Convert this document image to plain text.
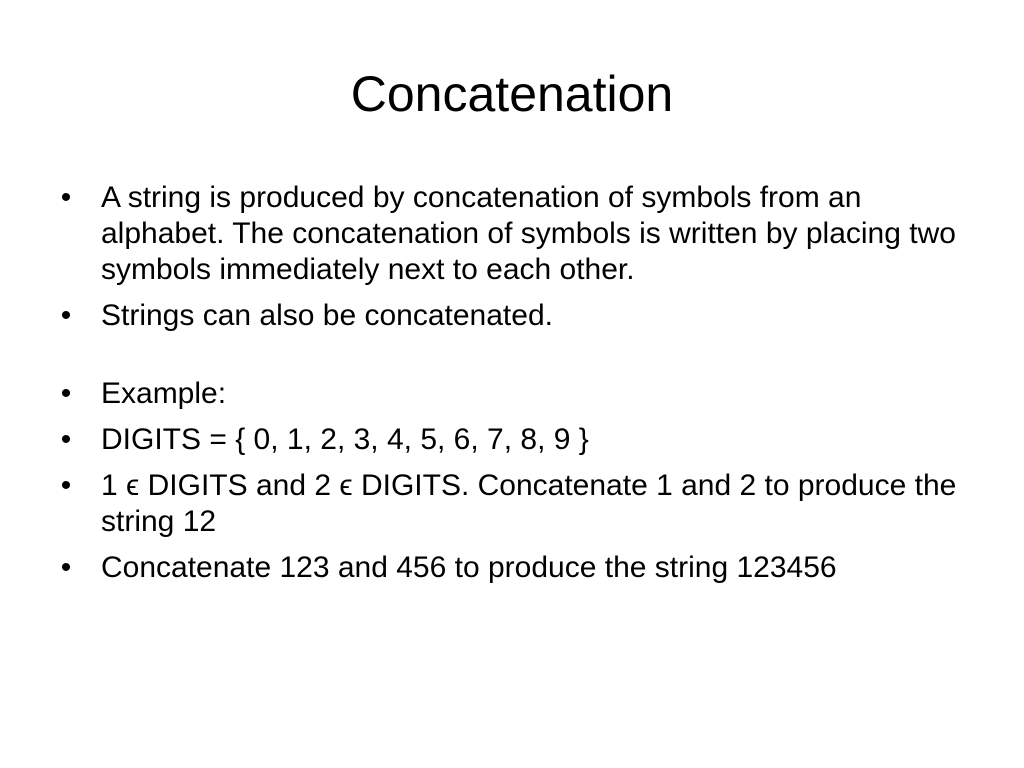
Concatenation
• A string is produced by concatenation of symbols from an alphabet. The concatenation of symbols is written by placing two symbols immediately next to each other.
• Strings can also be concatenated.
• Example:
• DIGITS = { 0, 1, 2, 3, 4, 5, 6, 7, 8, 9 }
• 1 ϵ DIGITS and 2 ϵ DIGITS. Concatenate 1 and 2 to produce the string 12
• Concatenate 123 and 456 to produce the string 123456
